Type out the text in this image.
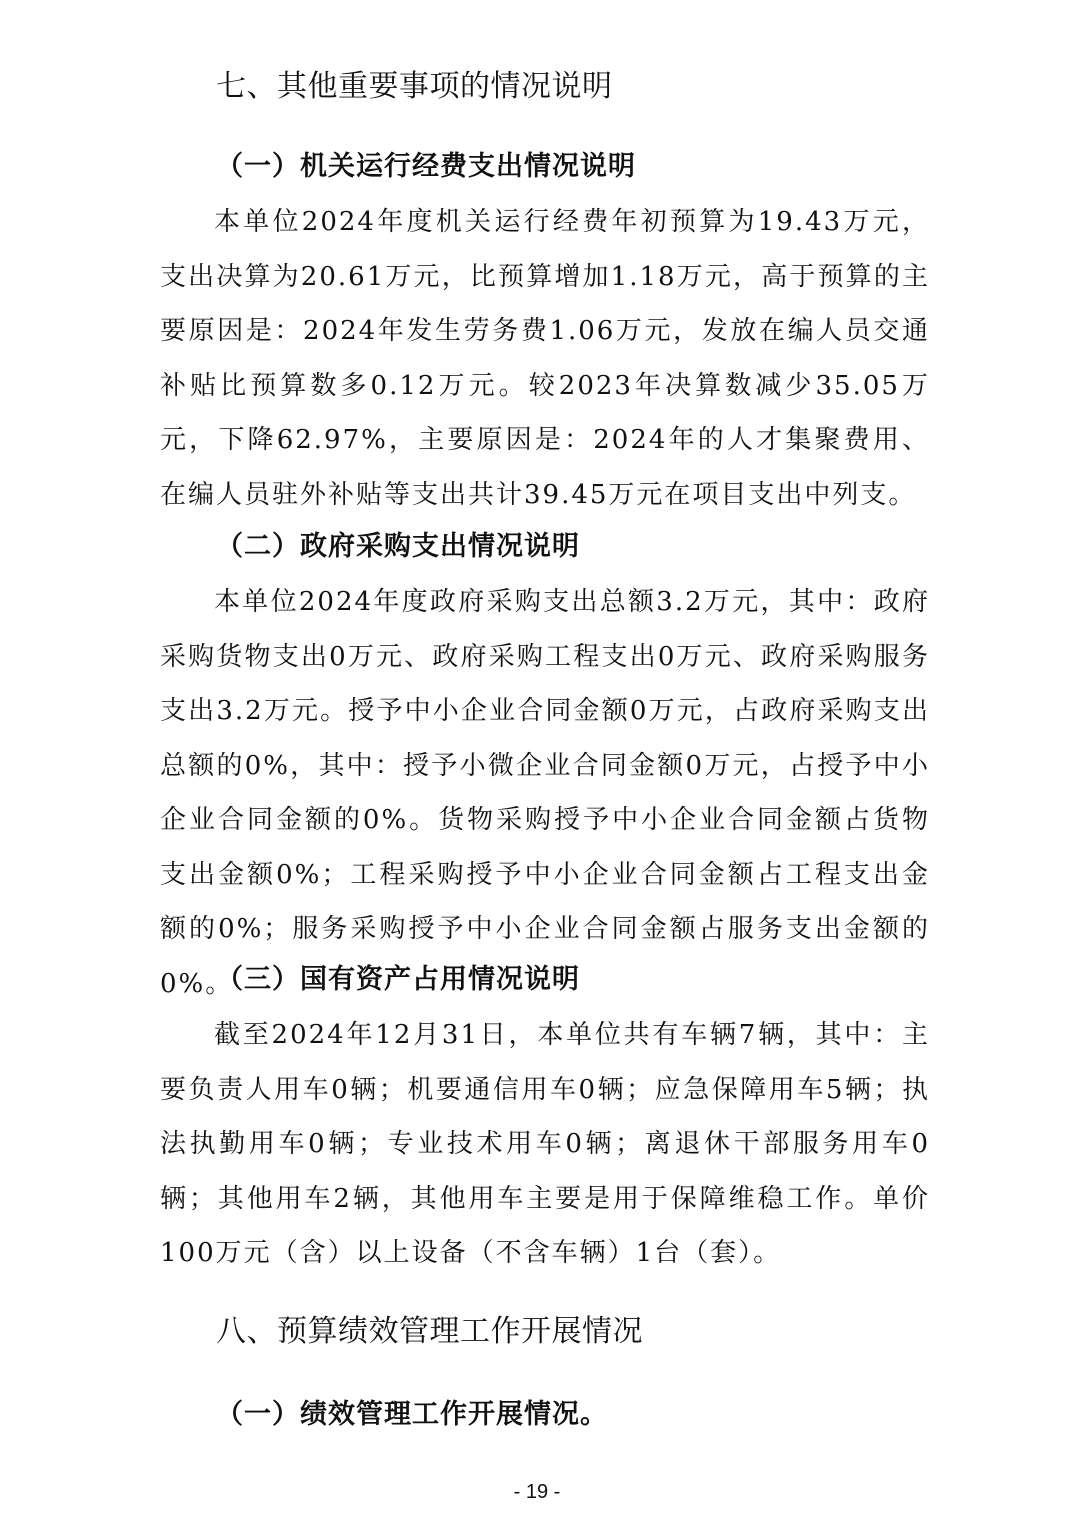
七、其他重要事项的情况说明
（一）机关运行经费支出情况说明

本单位2024年度机关运行经费年初预算为19.43万元，支出决算为20.61万元，比预算增加1.18万元，高于预算的主要原因是：2024年发生劳务费1.06万元，发放在编人员交通补贴比预算数多0.12万元。较2023年决算数减少35.05万元，下降62.97%，主要原因是：2024年的人才集聚费用、在编人员驻外补贴等支出共计39.45万元在项目支出中列支。

（二）政府采购支出情况说明

本单位2024年度政府采购支出总额3.2万元，其中：政府采购货物支出0万元、政府采购工程支出0万元、政府采购服务支出3.2万元。授予中小企业合同金额0万元，占政府采购支出总额的0%，其中：授予小微企业合同金额0万元，占授予中小企业合同金额的0%。货物采购授予中小企业合同金额占货物支出金额0%；工程采购授予中小企业合同金额占工程支出金额的0%；服务采购授予中小企业合同金额占服务支出金额的0%。

（三）国有资产占用情况说明

截至2024年12月31日，本单位共有车辆7辆，其中：主要负责人用车0辆；机要通信用车0辆；应急保障用车5辆；执法执勤用车0辆；专业技术用车0辆；离退休干部服务用车0辆；其他用车2辆，其他用车主要是用于保障维稳工作。单价100万元（含）以上设备（不含车辆）1台（套）。

八、预算绩效管理工作开展情况
（一）绩效管理工作开展情况。
- 19 -
